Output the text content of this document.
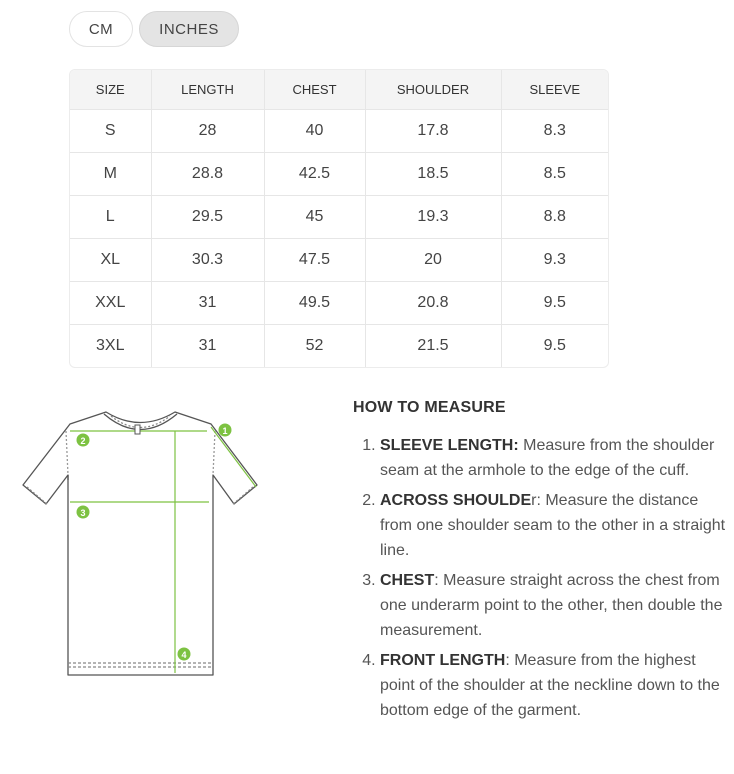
CM	INCHES
SIZE	LENGTH	CHEST	SHOULDER	SLEEVE
S	28	40	17.8	8.3
M	28.8	42.5	18.5	8.5
L	29.5	45	19.3	8.8
XL	30.3	47.5	20	9.3
XXL	31	49.5	20.8	9.5
3XL	31	52	21.5	9.5
1
2
3
4
HOW TO MEASURE
1. SLEEVE LENGTH: Measure from the shoulder seam at the armhole to the edge of the cuff.
2. ACROSS SHOULDEr: Measure the distance from one shoulder seam to the other in a straight line.
3. CHEST: Measure straight across the chest from one underarm point to the other, then double the measurement.
4. FRONT LENGTH: Measure from the highest point of the shoulder at the neckline down to the bottom edge of the garment.
